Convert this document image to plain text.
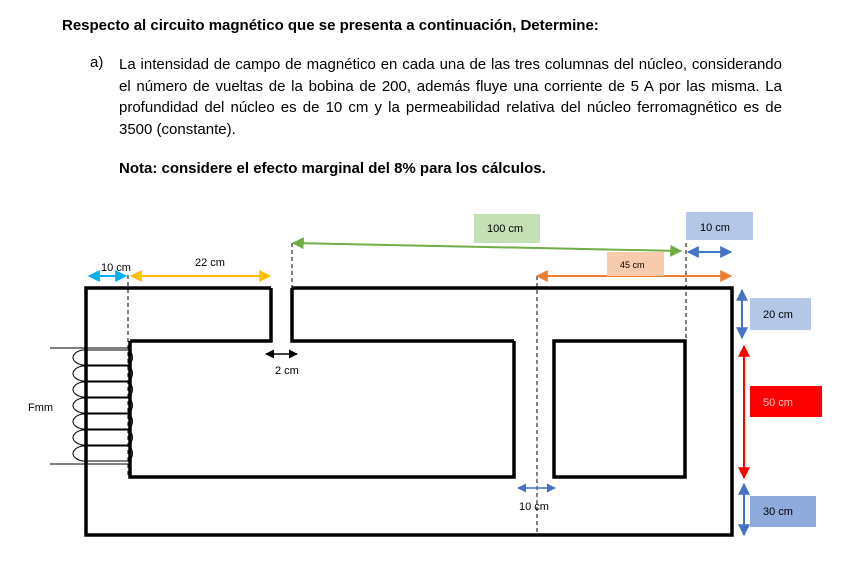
Respecto al circuito magnético que se presenta a continuación, Determine:
a) La intensidad de campo de magnético en cada una de las tres columnas del núcleo, considerando el número de vueltas de la bobina de 200, además fluye una corriente de 5 A por las misma. La profundidad del núcleo es de 10 cm y la permeabilidad relativa del núcleo ferromagnético es de 3500 (constante).
Nota: considere el efecto marginal del 8% para los cálculos.
Fmm
10 cm	22 cm
2 cm
100 cm
45 cm
10 cm
20 cm
50 cm
30 cm
10 cm
